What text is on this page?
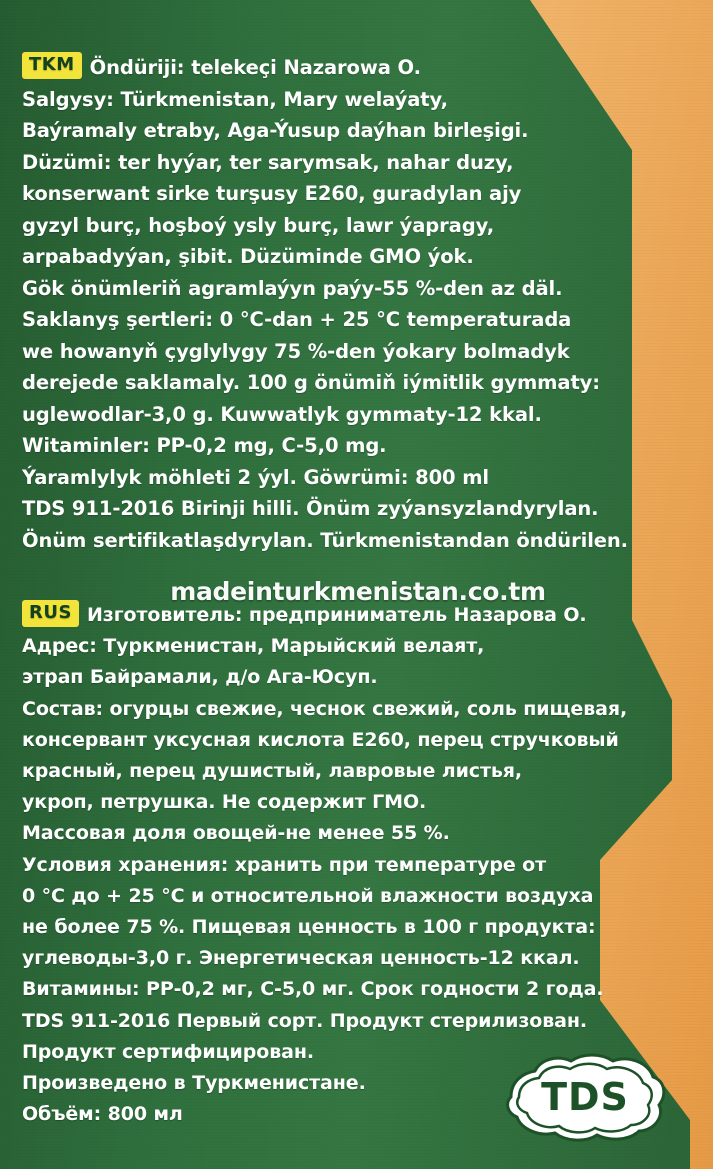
TKM Öndüriji: telekeçi Nazarowa O.

Salgysy: Türkmenistan, Mary welaýaty,

Baýramaly etraby, Aga-Ýusup daýhan birleşigi.

Düzümi: ter hyýar, ter sarymsak, nahar duzy,

konserwant sirke turşusy E260, guradylan ajy

gyzyl burç, hoşboý ysly burç, lawr ýapragy,

arpabadyýan, şibit. Düzüminde GMO ýok.

Gök önümleriň agramlaýyn paýy-55 %-den az däl.

Saklanyş şertleri: 0 °C-dan + 25 °C temperaturada

we howanyň çyglylygy 75 %-den ýokary bolmadyk

derejede saklamaly. 100 g önümiň iýmitlik gymmaty:

uglewodlar-3,0 g. Kuwwatlyk gymmaty-12 kkal.

Witaminler: PP-0,2 mg, C-5,0 mg.

Ýaramlylyk möhleti 2 ýyl. Göwrümi: 800 ml

TDS 911-2016 Birinji hilli. Önüm zyýansyzlandyrylan.

Önüm sertifikatlaşdyrylan. Türkmenistandan öndürilen.

madeinturkmenistan.co.tm

RUS Изготовитель: предприниматель Назарова О.

Адрес: Туркменистан, Марыйский велаят,

этрап Байрамали, д/о Ага-Юсуп.

Состав: огурцы свежие, чеснок свежий, соль пищевая,

консервант уксусная кислота Е260, перец стручковый

красный, перец душистый, лавровые листья,

укроп, петрушка. Не содержит ГМО.

Массовая доля овощей-не менее 55 %.

Условия хранения: хранить при температуре от

0 °C до + 25 °C и относительной влажности воздуха

не более 75 %. Пищевая ценность в 100 г продукта:

углеводы-3,0 г. Энергетическая ценность-12 ккал.

Витамины: РР-0,2 мг, С-5,0 мг. Срок годности 2 года.

TDS 911-2016 Первый сорт. Продукт стерилизован.

Продукт сертифицирован.

Произведено в Туркменистане.

Объём: 800 мл	TDS
